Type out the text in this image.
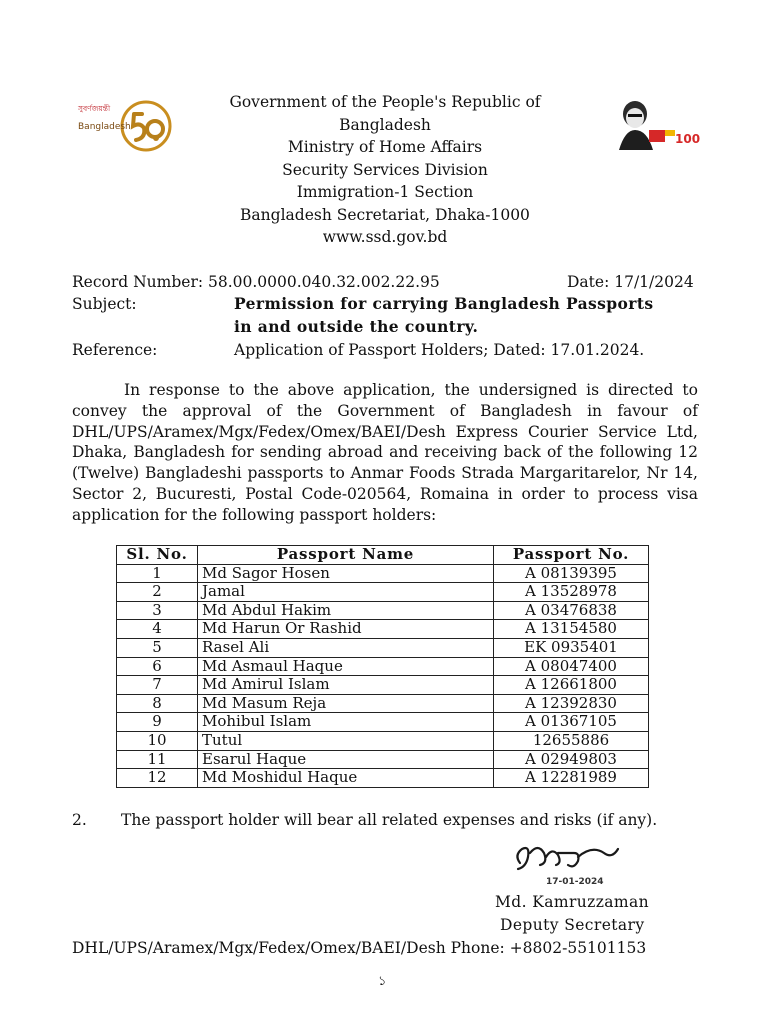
সুবর্ণজয়ন্তী
Bangladesh
100
Government of the People's Republic of
Bangladesh
Ministry of Home Affairs
Security Services Division
Immigration-1 Section
Bangladesh Secretariat, Dhaka-1000
www.ssd.gov.bd
Record Number: 58.00.0000.040.32.002.22.95	Date: 17/1/2024
Subject:	Permission for carrying Bangladesh Passports
in and outside the country.
Reference:	Application of Passport Holders; Dated: 17.01.2024.

In response to the above application, the undersigned is directed to convey the approval of the Government of Bangladesh in favour of DHL/UPS/Aramex/Mgx/Fedex/Omex/BAEI/Desh Express Courier Service Ltd, Dhaka, Bangladesh for sending abroad and receiving back of the following 12 (Twelve) Bangladeshi passports to Anmar Foods Strada Margaritarelor, Nr 14, Sector 2, Bucuresti, Postal Code-020564, Romaina in order to process visa application for the following passport holders:

Sl. No.	Passport Name	Passport No.
1	Md Sagor Hosen	A 08139395
2	Jamal	A 13528978
3	Md Abdul Hakim	A 03476838
4	Md Harun Or Rashid	A 13154580
5	Rasel Ali	EK 0935401
6	Md Asmaul Haque	A 08047400
7	Md Amirul Islam	A 12661800
8	Md Masum Reja	A 12392830
9	Mohibul Islam	A 01367105
10	Tutul	12655886
11	Esarul Haque	A 02949803
12	Md Moshidul Haque	A 12281989
2. The passport holder will bear all related expenses and risks (if any).
17-01-2024
Md. Kamruzzaman
Deputy Secretary
DHL/UPS/Aramex/Mgx/Fedex/Omex/BAEI/Desh Phone: +8802-55101153
১
